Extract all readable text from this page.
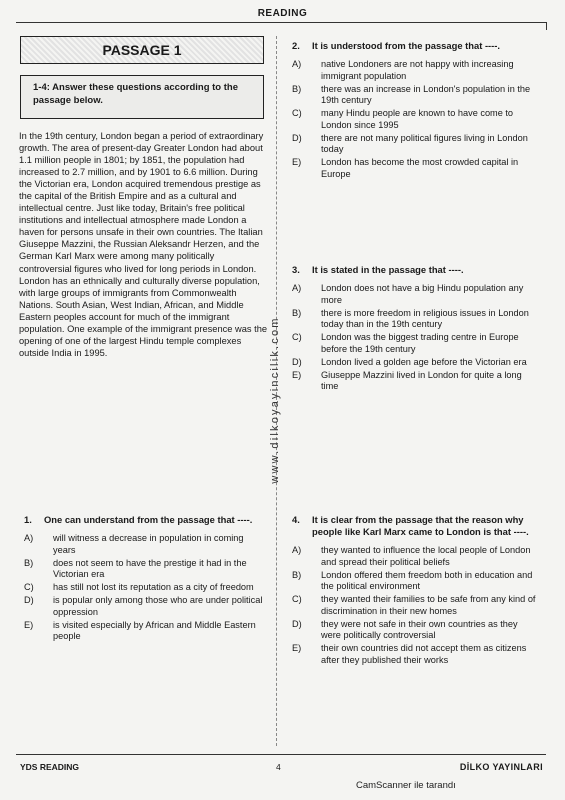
READING
PASSAGE 1
1-4: Answer these questions according to the passage below.
In the 19th century, London began a period of extraordinary growth. The area of present-day Greater London had about 1.1 million people in 1801; by 1851, the population had increased to 2.7 million, and by 1901 to 6.6 million. During the Victorian era, London acquired tremendous prestige as the capital of the British Empire and as a cultural and intellectual centre. Just like today, Britain's free political institutions and intellectual atmosphere made London a haven for persons unsafe in their own countries. The Italian Giuseppe Mazzini, the Russian Aleksandr Herzen, and the German Karl Marx were among many politically controversial figures who lived for long periods in London. London has an ethnically and culturally diverse population, with large groups of immigrants from Commonwealth Nations. South Asian, West Indian, African, and Middle Eastern peoples account for much of the immigrant population. One example of the immigrant presence was the opening of one of the largest Hindu temple complexes outside India in 1995.	www.dilkoyayincilik.com
1. One can understand from the passage that ----.
A) will witness a decrease in population in coming years
B) does not seem to have the prestige it had in the Victorian era
C) has still not lost its reputation as a city of freedom
D) is popular only among those who are under political oppression
E) is visited especially by African and Middle Eastern people
2. It is understood from the passage that ----.
A) native Londoners are not happy with increasing immigrant population
B) there was an increase in London's population in the 19th century
C) many Hindu people are known to have come to London since 1995
D) there are not many political figures living in London today
E) London has become the most crowded capital in Europe
3. It is stated in the passage that ----.
A) London does not have a big Hindu population any more
B) there is more freedom in religious issues in London today than in the 19th century
C) London was the biggest trading centre in Europe before the 19th century
D) London lived a golden age before the Victorian era
E) Giuseppe Mazzini lived in London for quite a long time
4. It is clear from the passage that the reason why people like Karl Marx came to London is that ----.
A) they wanted to influence the local people of London and spread their political beliefs
B) London offered them freedom both in education and the political environment
C) they wanted their families to be safe from any kind of discrimination in their new homes
D) they were not safe in their own countries as they were politically controversial
E) their own countries did not accept them as citizens after they published their works
YDS READING	4	DİLKO YAYINLARI
CamScanner ile tarandı
